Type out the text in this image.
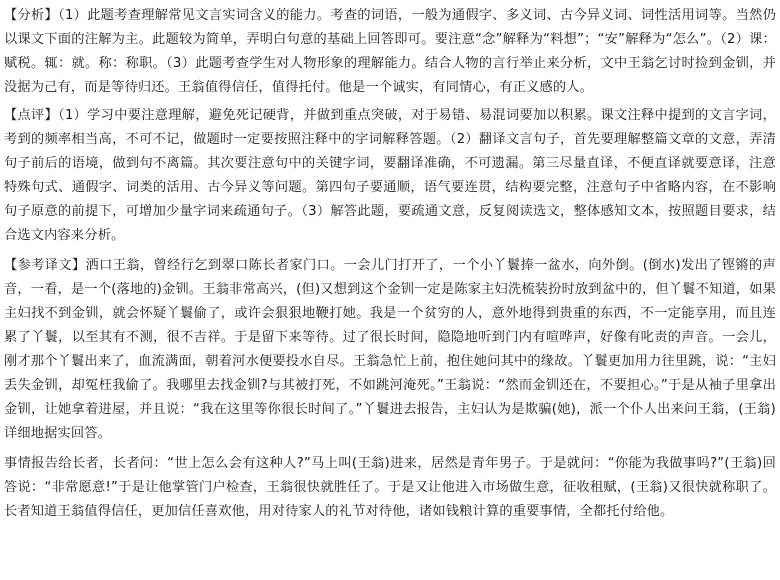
【分析】（1）此题考查理解常见文言实词含义的能力。考查的词语，一般为通假字、多义词、古今异义词、词性活用词等。当然仍以课文下面的注解为主。此题较为简单，弄明白句意的基础上回答即可。要注意“念”解释为“料想”；“安”解释为“怎么”。（2）课：赋税。辄：就。称：称职。（3）此题考查学生对人物形象的理解能力。结合人物的言行举止来分析，文中王翁乞讨时捡到金钏，并没据为己有，而是等待归还。王翁值得信任，值得托付。他是一个诚实，有同情心，有正义感的人。

【点评】（1）学习中要注意理解，避免死记硬背，并做到重点突破，对于易错、易混词要加以积累。课文注释中提到的文言字词，考到的频率相当高，不可不记，做题时一定要按照注释中的字词解释答题。（2）翻译文言句子，首先要理解整篇文章的文意，弄清句子前后的语境，做到句不离篇。其次要注意句中的关键字词，要翻译准确，不可遗漏。第三尽量直译，不便直译就要意译，注意特殊句式、通假字、词类的活用、古今异义等问题。第四句子要通顺，语气要连贯，结构要完整，注意句子中省略内容，在不影响句子原意的前提下，可增加少量字词来疏通句子。（3）解答此题，要疏通文意，反复阅读选文，整体感知文本，按照题目要求，结合选文内容来分析。

【参考译文】洒口王翁，曾经行乞到翠口陈长者家门口。一会儿门打开了，一个小丫鬟捧一盆水，向外倒。(倒水)发出了铿锵的声音，一看，是一个(落地的)金钏。王翁非常高兴，(但)又想到这个金钏一定是陈家主妇洗梳装扮时放到盆中的，但丫鬟不知道，如果主妇找不到金钏，就会怀疑丫鬟偷了，或许会狠狠地鞭打她。我是一个贫穷的人，意外地得到贵重的东西，不一定能享用，而且连累了丫鬟，以至其有不测，很不吉祥。于是留下来等待。过了很长时间，隐隐地听到门内有喧哗声，好像有叱责的声音。一会儿，刚才那个丫鬟出来了，血流满面，朝着河水便要投水自尽。王翁急忙上前，抱住她问其中的缘故。丫鬟更加用力往里跳，说：“主妇丢失金钏，却冤枉我偷了。我哪里去找金钏?与其被打死，不如跳河淹死。”王翁说：“然而金钏还在，不要担心。”于是从袖子里拿出金钏，让她拿着进屋，并且说：“我在这里等你很长时间了。”丫鬟进去报告，主妇认为是欺骗(她)，派一个仆人出来问王翁，(王翁)详细地据实回答。

事情报告给长者，长者问：“世上怎么会有这种人?”马上叫(王翁)进来，居然是青年男子。于是就问：“你能为我做事吗?”(王翁)回答说：“非常愿意!”于是让他掌管门户检查，王翁很快就胜任了。于是又让他进入市场做生意，征收租赋，(王翁)又很快就称职了。长者知道王翁值得信任，更加信任喜欢他，用对待家人的礼节对待他，诸如钱粮计算的重要事情，全都托付给他。
